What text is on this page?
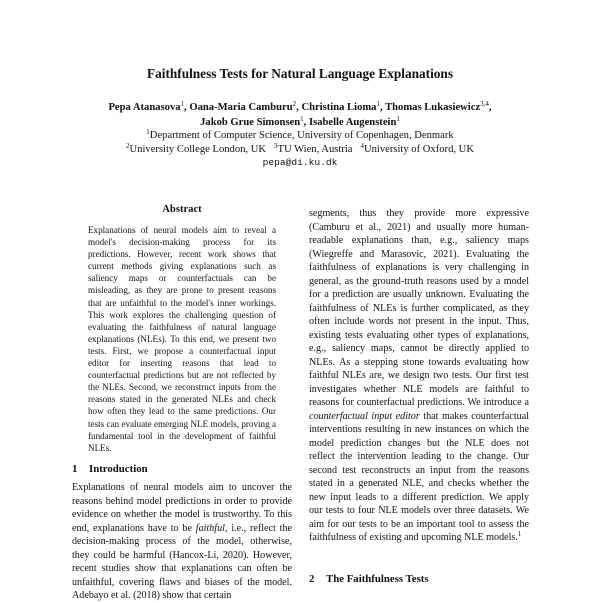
Faithfulness Tests for Natural Language Explanations
Pepa Atanasova$^1$, Oana-Maria Camburu$^2$, Christina Lioma$^1$, Thomas Lukasiewicz$^{3,4}$,
Jakob Grue Simonsen$^1$, Isabelle Augenstein$^1$
$^1$Department of Computer Science, University of Copenhagen, Denmark
$^2$University College London, UK $^3$TU Wien, Austria $^4$University of Oxford, UK
pepa@di.ku.dk
Abstract
Explanations of neural models aim to reveal a model's decision-making process for its predictions. However, recent work shows that current methods giving explanations such as saliency maps or counterfactuals can be misleading, as they are prone to present reasons that are unfaithful to the model's inner workings. This work explores the challenging question of evaluating the faithfulness of natural language explanations (NLEs). To this end, we present two tests. First, we propose a counterfactual input editor for inserting reasons that lead to counterfactual predictions but are not reflected by the NLEs. Second, we reconstruct inputs from the reasons stated in the generated NLEs and check how often they lead to the same predictions. Our tests can evaluate emerging NLE models, proving a fundamental tool in the development of faithful NLEs.
1 Introduction
Explanations of neural models aim to uncover the reasons behind model predictions in order to provide evidence on whether the model is trustworthy. To this end, explanations have to be faithful, i.e., reflect the decision-making process of the model, otherwise, they could be harmful (Hancox-Li, 2020). However, recent studies show that explanations can often be unfaithful, covering flaws and biases of the model. Adebayo et al. (2018) show that certain
segments, thus they provide more expressive (Camburu et al., 2021) and usually more human-readable explanations than, e.g., saliency maps (Wiegreffe and Marasovic, 2021). Evaluating the faithfulness of explanations is very challenging in general, as the ground-truth reasons used by a model for a prediction are usually unknown. Evaluating the faithfulness of NLEs is further complicated, as they often include words not present in the input. Thus, existing tests evaluating other types of explanations, e.g., saliency maps, cannot be directly applied to NLEs. As a stepping stone towards evaluating how faithful NLEs are, we design two tests. Our first test investigates whether NLE models are faithful to reasons for counterfactual predictions. We introduce a counterfactual input editor that makes counterfactual interventions resulting in new instances on which the model prediction changes but the NLE does not reflect the intervention leading to the change. Our second test reconstructs an input from the reasons stated in a generated NLE, and checks whether the new input leads to a different prediction. We apply our tests to four NLE models over three datasets. We aim for our tests to be an important tool to assess the faithfulness of existing and upcoming NLE models.$^1$
2 The Faithfulness Tests
